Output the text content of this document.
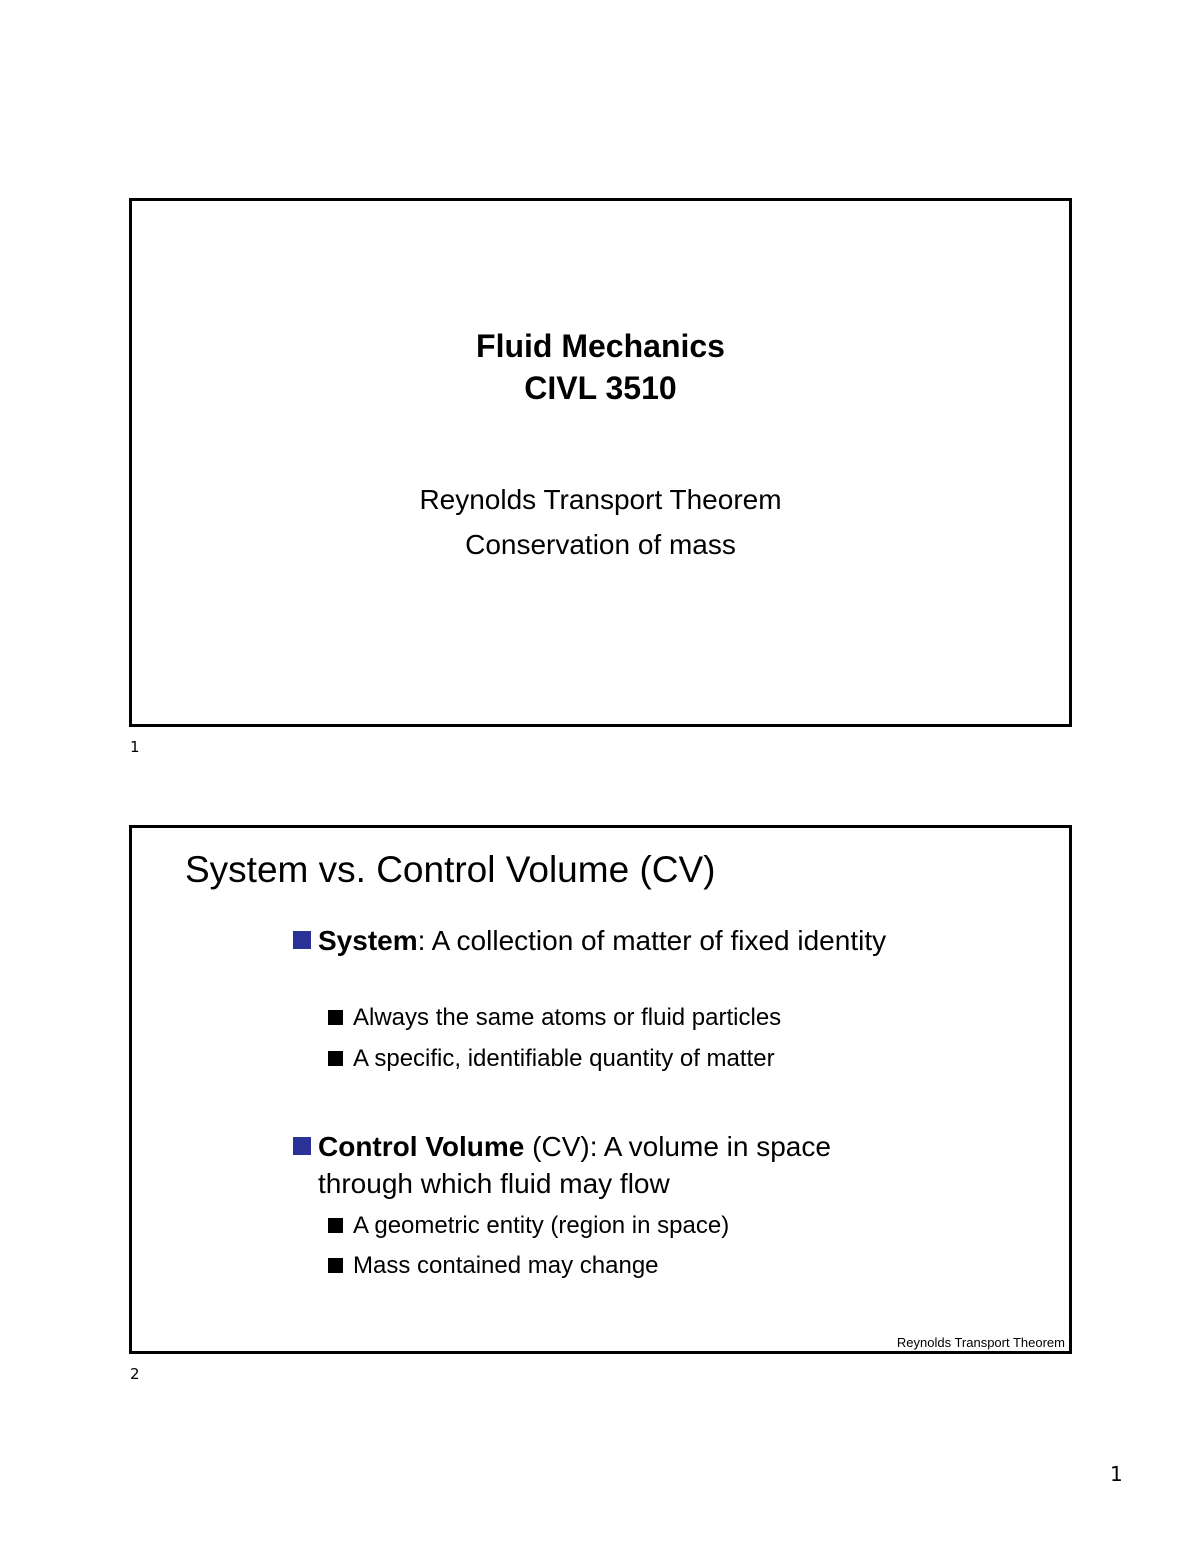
Fluid Mechanics
CIVL 3510
Reynolds Transport Theorem
Conservation of mass
1
System vs. Control Volume (CV)
System: A collection of matter of fixed identity
Always the same atoms or fluid particles
A specific, identifiable quantity of matter
Control Volume (CV): A volume in space through which fluid may flow
A geometric entity (region in space)
Mass contained may change
Reynolds Transport Theorem
2
1
